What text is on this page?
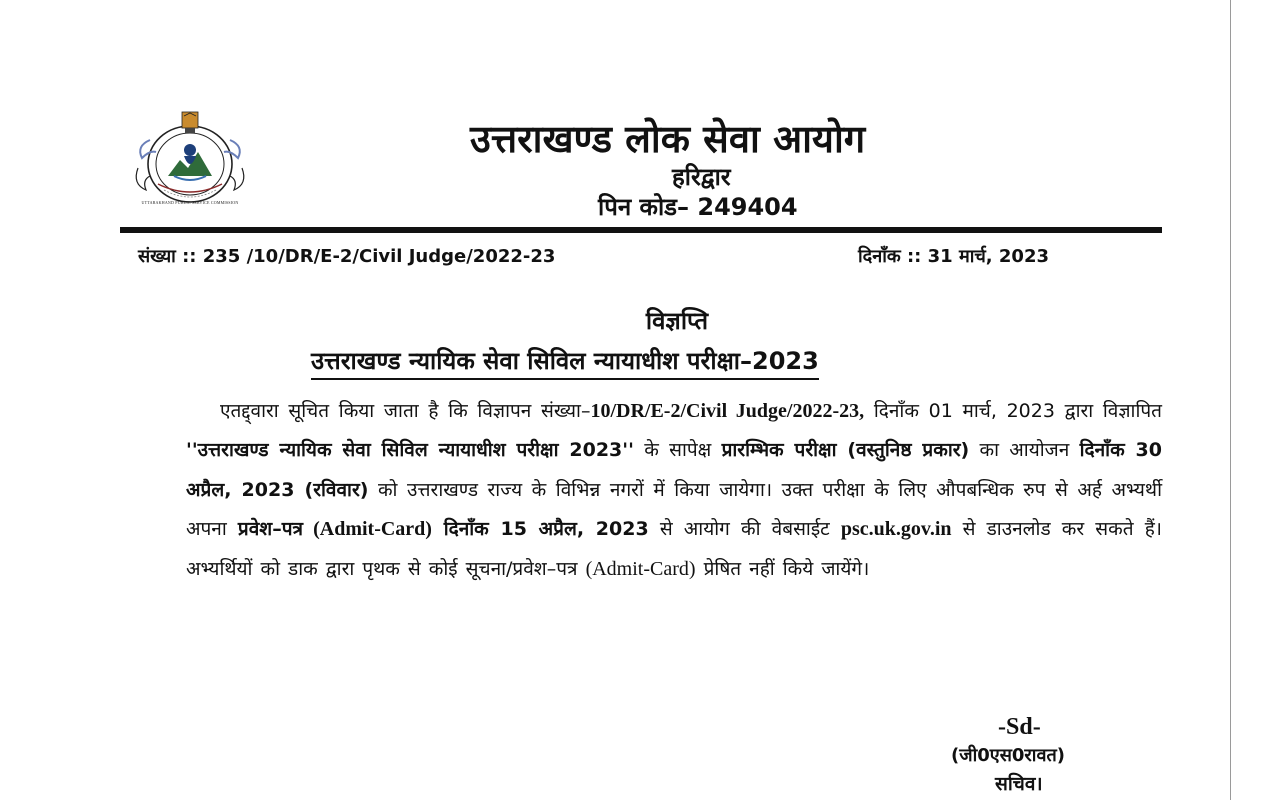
UTTARAKHAND PUBLIC SERVICE COMMISSION
उत्तराखण्ड लोक सेवा आयोग
हरिद्वार
पिन कोड– 249404
संख्या :: 235 /10/DR/E-2/Civil Judge/2022-23	दिनाँक :: 31 मार्च, 2023
विज्ञप्ति
उत्तराखण्ड न्यायिक सेवा सिविल न्यायाधीश परीक्षा–2023
एतद्द्वारा सूचित किया जाता है कि विज्ञापन संख्या–10/DR/E-2/Civil Judge/2022-23, दिनाँक 01 मार्च, 2023 द्वारा विज्ञापित ''उत्तराखण्ड न्यायिक सेवा सिविल न्यायाधीश परीक्षा 2023'' के सापेक्ष प्रारम्भिक परीक्षा (वस्तुनिष्ठ प्रकार) का आयोजन दिनाँक 30 अप्रैल, 2023 (रविवार) को उत्तराखण्ड राज्य के विभिन्न नगरों में किया जायेगा। उक्त परीक्षा के लिए औपबन्धिक रुप से अर्ह अभ्यर्थी अपना प्रवेश–पत्र (Admit-Card) दिनाँक 15 अप्रैल, 2023 से आयोग की वेबसाईट psc.uk.gov.in से डाउनलोड कर सकते हैं। अभ्यर्थियों को डाक द्वारा पृथक से कोई सूचना/प्रवेश–पत्र (Admit-Card) प्रेषित नहीं किये जायेंगे।
-Sd-
(जी0एस0रावत)
सचिव।
